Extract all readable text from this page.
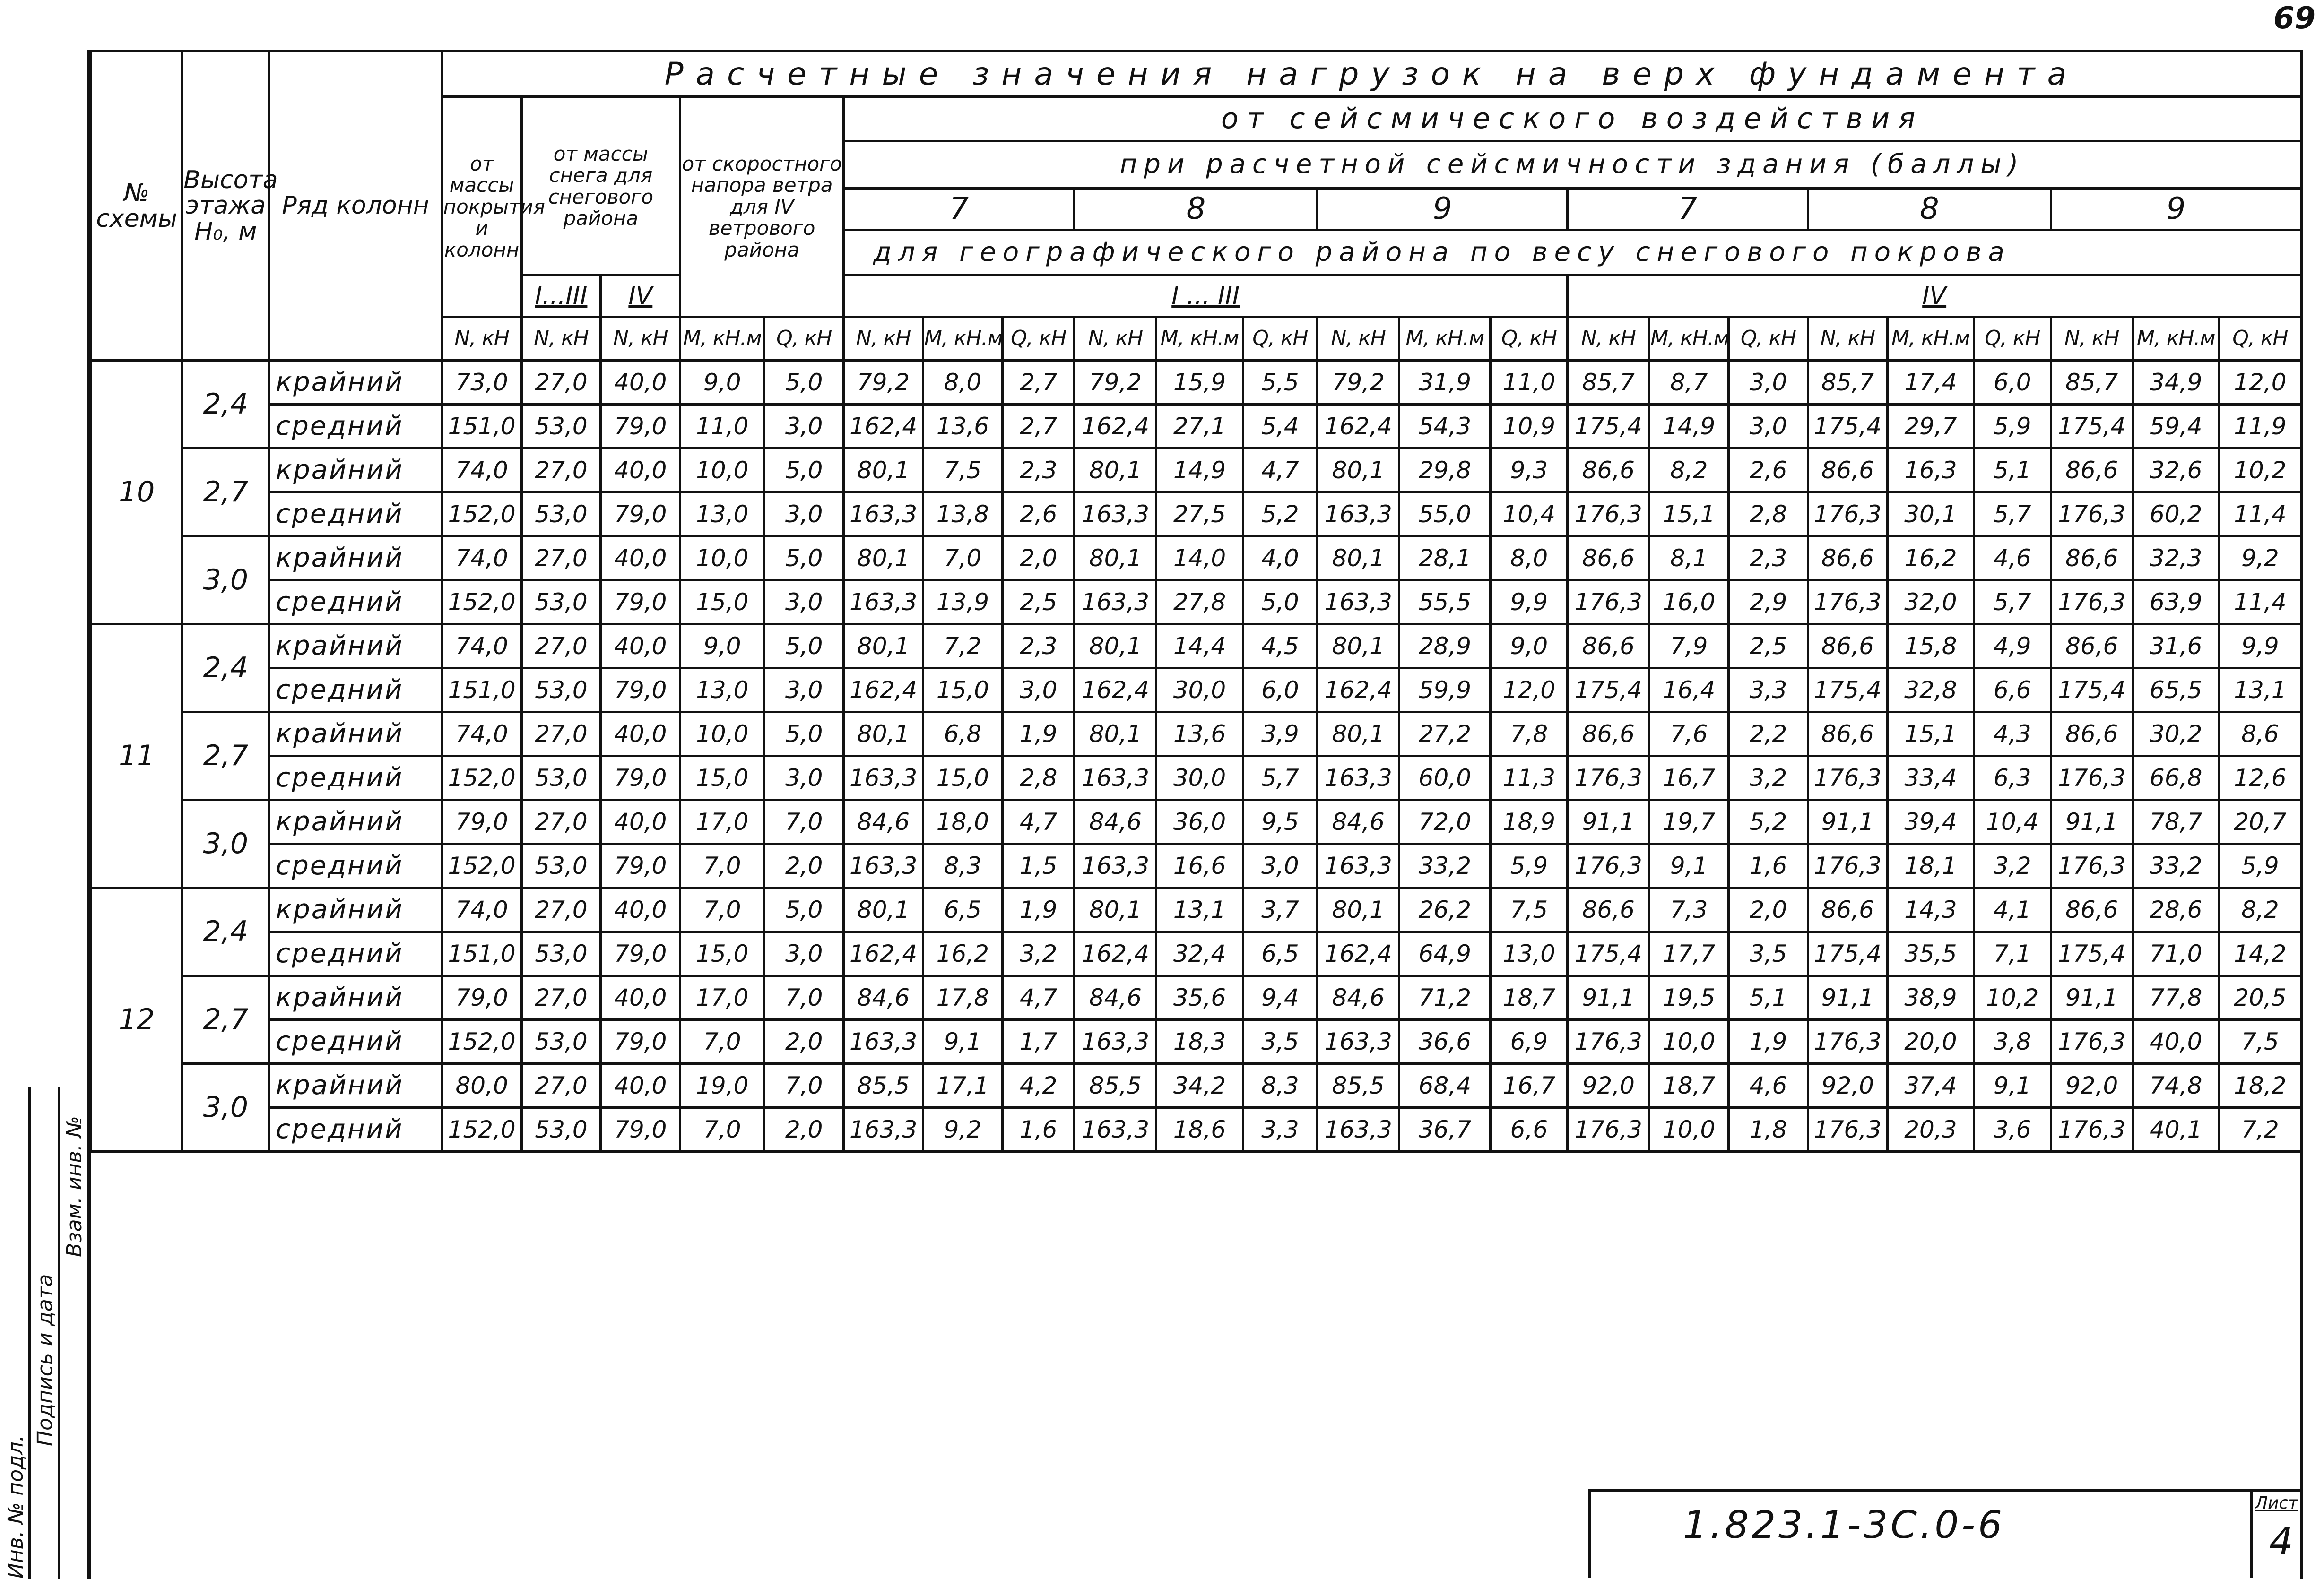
69
№ схемы	Высота этажа H₀, м	Ряд колонн	Расчетные значения нагрузок на верх фундамента																						
			от массы покрытия и колонн	от массы снега для снегового района		от скоростного напора ветра для IV ветрового района		от сейсмического воздействия																	
								при расчетной сейсмичности здания (баллы)																	
								7			8			9			7			8			9		
								для географического района по весу снегового покрова																	
				I...III	IV			I ... III									IV								
			N, кН	N, кН	N, кН	M, кН.м	Q, кН	N, кН	M, кН.м	Q, кН	N, кН	M, кН.м	Q, кН	N, кН	M, кН.м	Q, кН	N, кН	M, кН.м	Q, кН	N, кН	M, кН.м	Q, кН	N, кН	M, кН.м	Q, кН
10	2,4	крайний	73,0	27,0	40,0	9,0	5,0	79,2	8,0	2,7	79,2	15,9	5,5	79,2	31,9	11,0	85,7	8,7	3,0	85,7	17,4	6,0	85,7	34,9	12,0
		средний	151,0	53,0	79,0	11,0	3,0	162,4	13,6	2,7	162,4	27,1	5,4	162,4	54,3	10,9	175,4	14,9	3,0	175,4	29,7	5,9	175,4	59,4	11,9
	2,7	крайний	74,0	27,0	40,0	10,0	5,0	80,1	7,5	2,3	80,1	14,9	4,7	80,1	29,8	9,3	86,6	8,2	2,6	86,6	16,3	5,1	86,6	32,6	10,2
		средний	152,0	53,0	79,0	13,0	3,0	163,3	13,8	2,6	163,3	27,5	5,2	163,3	55,0	10,4	176,3	15,1	2,8	176,3	30,1	5,7	176,3	60,2	11,4
	3,0	крайний	74,0	27,0	40,0	10,0	5,0	80,1	7,0	2,0	80,1	14,0	4,0	80,1	28,1	8,0	86,6	8,1	2,3	86,6	16,2	4,6	86,6	32,3	9,2
		средний	152,0	53,0	79,0	15,0	3,0	163,3	13,9	2,5	163,3	27,8	5,0	163,3	55,5	9,9	176,3	16,0	2,9	176,3	32,0	5,7	176,3	63,9	11,4
11	2,4	крайний	74,0	27,0	40,0	9,0	5,0	80,1	7,2	2,3	80,1	14,4	4,5	80,1	28,9	9,0	86,6	7,9	2,5	86,6	15,8	4,9	86,6	31,6	9,9
		средний	151,0	53,0	79,0	13,0	3,0	162,4	15,0	3,0	162,4	30,0	6,0	162,4	59,9	12,0	175,4	16,4	3,3	175,4	32,8	6,6	175,4	65,5	13,1
	2,7	крайний	74,0	27,0	40,0	10,0	5,0	80,1	6,8	1,9	80,1	13,6	3,9	80,1	27,2	7,8	86,6	7,6	2,2	86,6	15,1	4,3	86,6	30,2	8,6
		средний	152,0	53,0	79,0	15,0	3,0	163,3	15,0	2,8	163,3	30,0	5,7	163,3	60,0	11,3	176,3	16,7	3,2	176,3	33,4	6,3	176,3	66,8	12,6
	3,0	крайний	79,0	27,0	40,0	17,0	7,0	84,6	18,0	4,7	84,6	36,0	9,5	84,6	72,0	18,9	91,1	19,7	5,2	91,1	39,4	10,4	91,1	78,7	20,7
		средний	152,0	53,0	79,0	7,0	2,0	163,3	8,3	1,5	163,3	16,6	3,0	163,3	33,2	5,9	176,3	9,1	1,6	176,3	18,1	3,2	176,3	33,2	5,9
12	2,4	крайний	74,0	27,0	40,0	7,0	5,0	80,1	6,5	1,9	80,1	13,1	3,7	80,1	26,2	7,5	86,6	7,3	2,0	86,6	14,3	4,1	86,6	28,6	8,2
		средний	151,0	53,0	79,0	15,0	3,0	162,4	16,2	3,2	162,4	32,4	6,5	162,4	64,9	13,0	175,4	17,7	3,5	175,4	35,5	7,1	175,4	71,0	14,2
	2,7	крайний	79,0	27,0	40,0	17,0	7,0	84,6	17,8	4,7	84,6	35,6	9,4	84,6	71,2	18,7	91,1	19,5	5,1	91,1	38,9	10,2	91,1	77,8	20,5
		средний	152,0	53,0	79,0	7,0	2,0	163,3	9,1	1,7	163,3	18,3	3,5	163,3	36,6	6,9	176,3	10,0	1,9	176,3	20,0	3,8	176,3	40,0	7,5
	3,0	крайний	80,0	27,0	40,0	19,0	7,0	85,5	17,1	4,2	85,5	34,2	8,3	85,5	68,4	16,7	92,0	18,7	4,6	92,0	37,4	9,1	92,0	74,8	18,2
		средний	152,0	53,0	79,0	7,0	2,0	163,3	9,2	1,6	163,3	18,6	3,3	163,3	36,7	6,6	176,3	10,0	1,8	176,3	20,3	3,6	176,3	40,1	7,2
Инв. № подл.
Подпись и дата
Взам. инв. №
1.823.1-3С.0-6	Лист
4
